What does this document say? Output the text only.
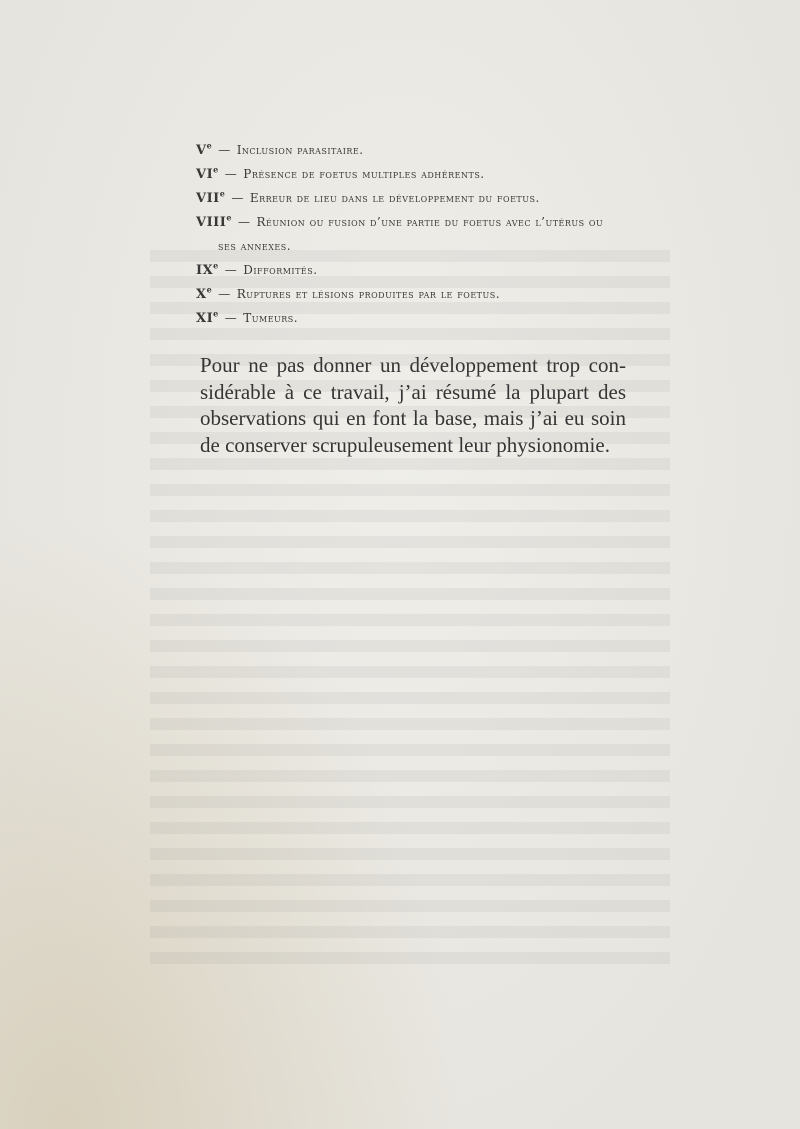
Ve — Inclusion parasitaire.
VIe — Présence de foetus multiples adhérents.
VIIe — Erreur de lieu dans le développement du foetus.
VIIIe — Réunion ou fusion d’une partie du foetus avec l’utérus ou
ses annexes.
IXe — Difformités.
Xe — Ruptures et lésions produites par le foetus.
XIe — Tumeurs.
Pour ne pas donner un développement trop con-
sidérable à ce travail, j’ai résumé la plupart des
observations qui en font la base, mais j’ai eu soin
de conserver scrupuleusement leur physionomie.
